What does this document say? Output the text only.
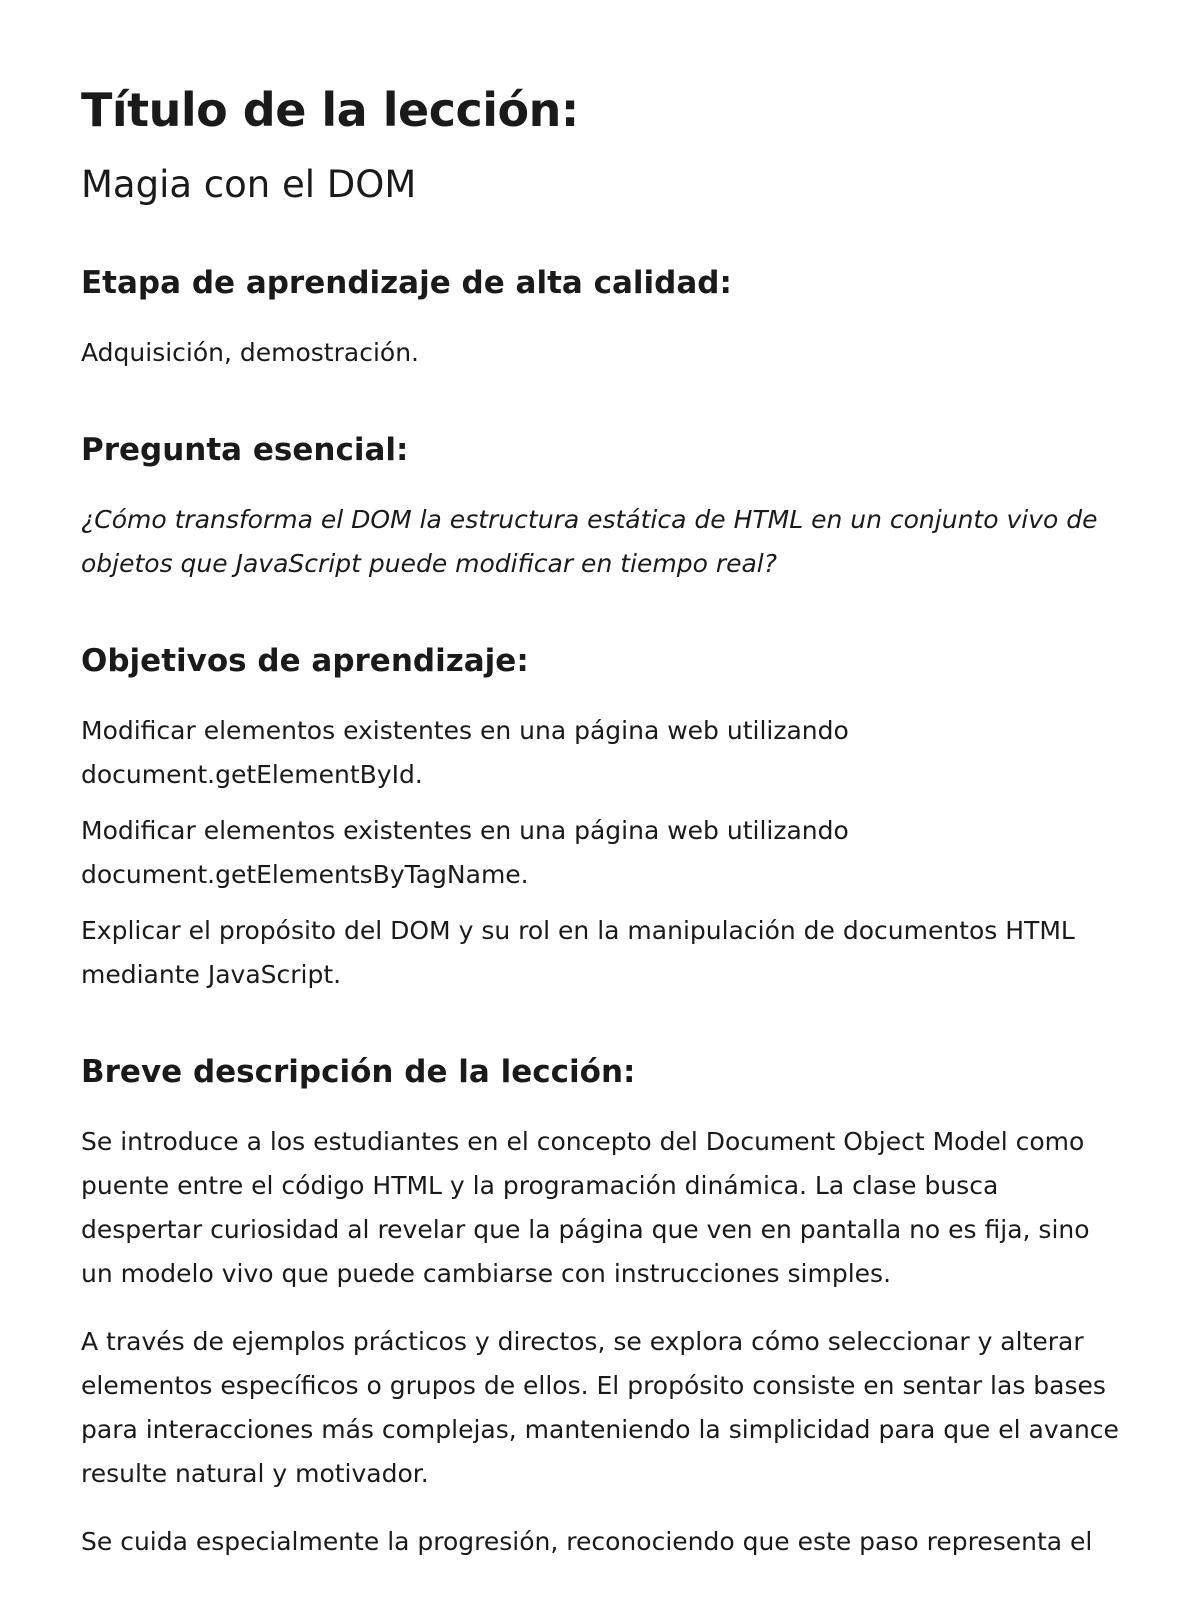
Título de la lección:

Magia con el DOM

Etapa de aprendizaje de alta calidad:

Adquisición, demostración.

Pregunta esencial:

¿Cómo transforma el DOM la estructura estática de HTML en un conjunto vivo de objetos que JavaScript puede modificar en tiempo real?

Objetivos de aprendizaje:

Modificar elementos existentes en una página web utilizando document.getElementById.

Modificar elementos existentes en una página web utilizando document.getElementsByTagName.

Explicar el propósito del DOM y su rol en la manipulación de documentos HTML mediante JavaScript.

Breve descripción de la lección:

Se introduce a los estudiantes en el concepto del Document Object Model como puente entre el código HTML y la programación dinámica. La clase busca despertar curiosidad al revelar que la página que ven en pantalla no es fija, sino un modelo vivo que puede cambiarse con instrucciones simples.

A través de ejemplos prácticos y directos, se explora cómo seleccionar y alterar elementos específicos o grupos de ellos. El propósito consiste en sentar las bases para interacciones más complejas, manteniendo la simplicidad para que el avance resulte natural y motivador.

Se cuida especialmente la progresión, reconociendo que este paso representa el
